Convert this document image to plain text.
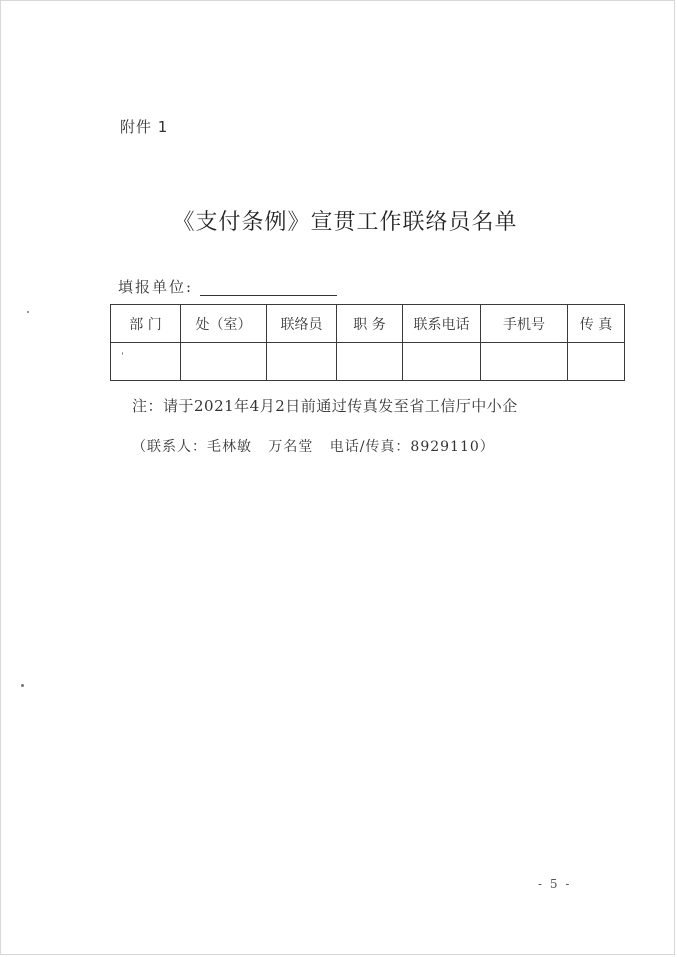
附件 1
《支付条例》宣贯工作联络员名单
填报单位:
部 门	处（室）	联络员	职 务	联系电话	手机号	传 真

注：请于2021年4月2日前通过传真发至省工信厅中小企
（联系人：毛林敏   万名堂   电话/传真：8929110）
- 5 -
